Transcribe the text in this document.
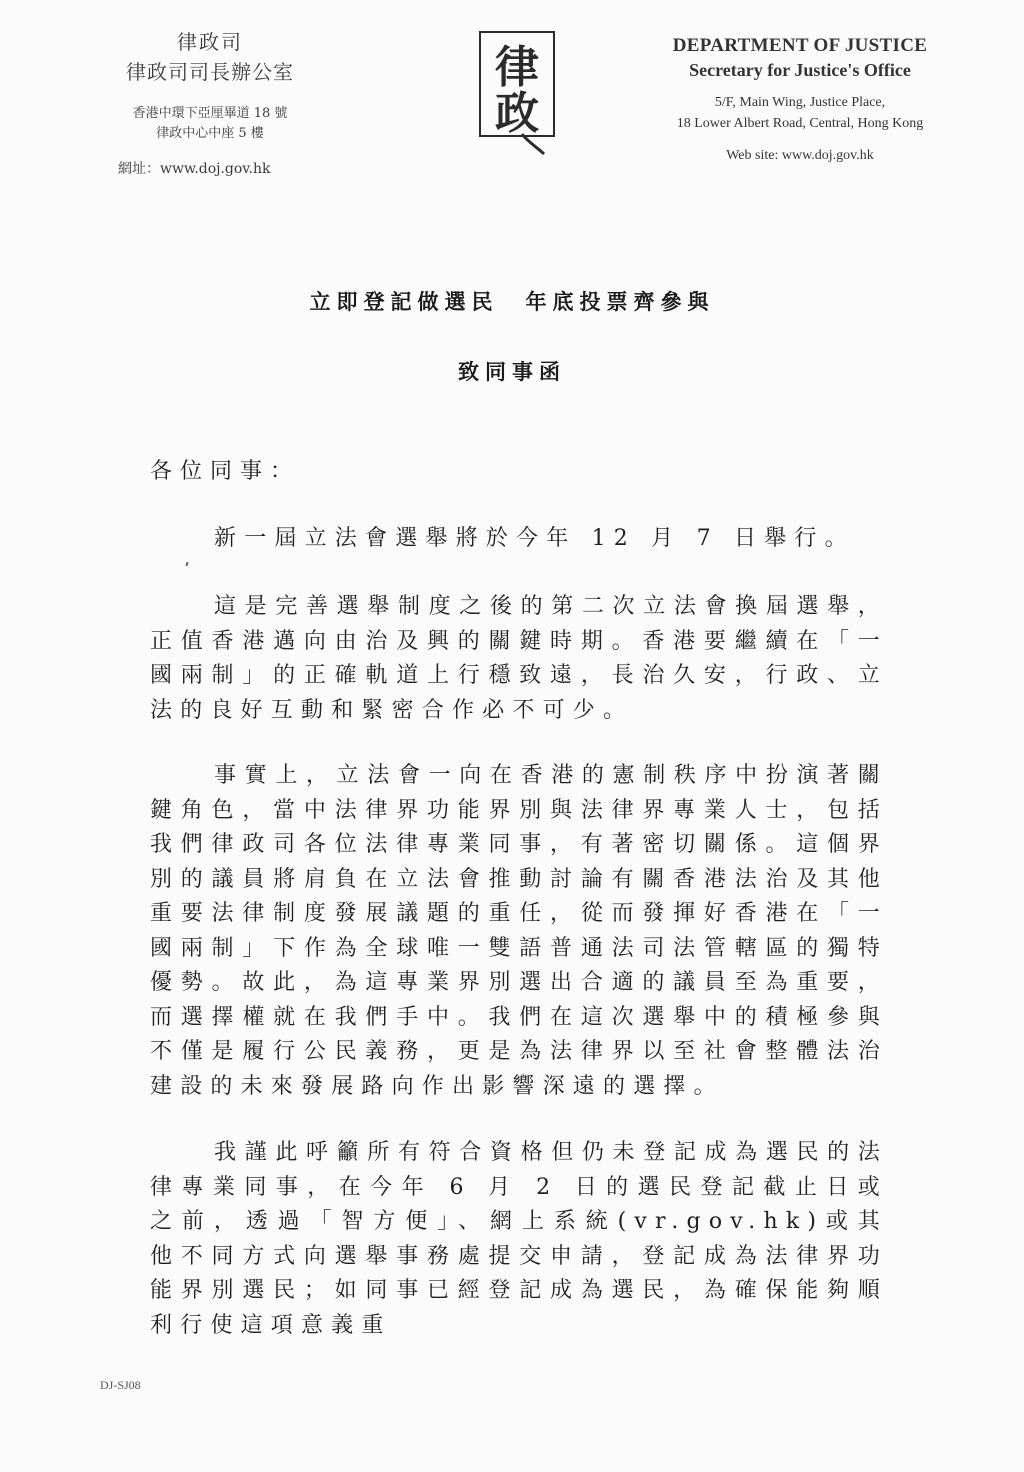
律政司
律政司司長辦公室
香港中環下亞厘畢道 18 號
律政中心中座 5 樓
網址：www.doj.gov.hk
律
政
DEPARTMENT OF JUSTICE
Secretary for Justice's Office
5/F, Main Wing, Justice Place,
18 Lower Albert Road, Central, Hong Kong
Web site: www.doj.gov.hk
立即登記做選民　年底投票齊參與
致同事函
各位同事：

新一屆立法會選舉將於今年 12 月 7 日舉行。

這是完善選舉制度之後的第二次立法會換屆選舉，正值香港邁向由治及興的關鍵時期。香港要繼續在「一國兩制」的正確軌道上行穩致遠，長治久安，行政、立法的良好互動和緊密合作必不可少。

事實上，立法會一向在香港的憲制秩序中扮演著關鍵角色，當中法律界功能界別與法律界專業人士，包括我們律政司各位法律專業同事，有著密切關係。這個界別的議員將肩負在立法會推動討論有關香港法治及其他重要法律制度發展議題的重任，從而發揮好香港在「一國兩制」下作為全球唯一雙語普通法司法管轄區的獨特優勢。故此，為這專業界別選出合適的議員至為重要，而選擇權就在我們手中。我們在這次選舉中的積極參與不僅是履行公民義務，更是為法律界以至社會整體法治建設的未來發展路向作出影響深遠的選擇。

我謹此呼籲所有符合資格但仍未登記成為選民的法律專業同事，在今年 6 月 2 日的選民登記截止日或之前，透過「智方便」、網上系統(vr.gov.hk)或其他不同方式向選舉事務處提交申請，登記成為法律界功能界別選民；如同事已經登記成為選民，為確保能夠順利行使這項意義重

DJ-SJ08
